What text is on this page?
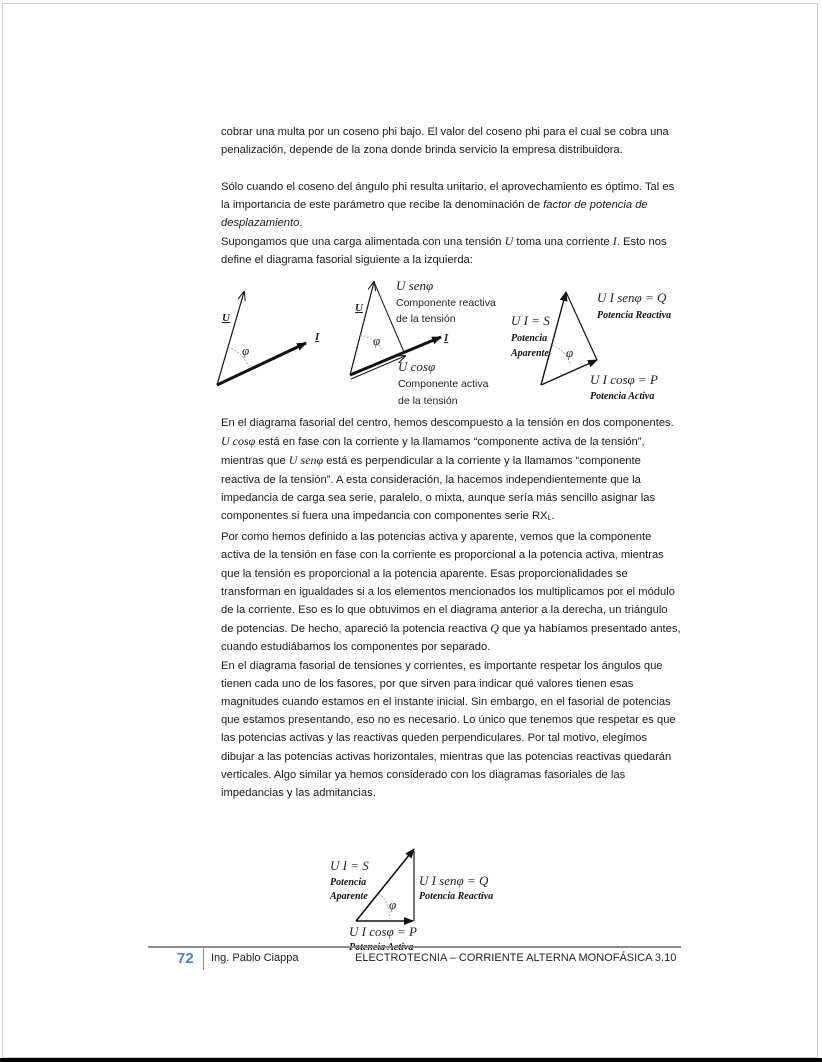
cobrar una multa por un coseno phi bajo. El valor del coseno phi para el cual se cobra una penalización, depende de la zona donde brinda servicio la empresa distribuidora.

Sólo cuando el coseno del ángulo phi resulta unitario, el aprovechamiento es óptimo. Tal es la importancia de este parámetro que recibe la denominación de factor de potencia de desplazamiento.

Supongamos que una carga alimentada con una tensión U toma una corriente I. Esto nos define el diagrama fasorial siguiente a la izquierda:

U
I
φ
U
I
φ
U senφ
Componente reactiva
de la tensión
U cosφ
Componente activa
de la tensión
U I = S
Potencia
Aparente φ
U I senφ = Q
Potencia Reactiva
U I cosφ = P
Potencia Activa
U I = S
Potencia
Aparente
φ
U I senφ = Q
Potencia Reactiva
U I cosφ = P

En el diagrama fasorial del centro, hemos descompuesto a la tensión en dos componentes. U cosφ está en fase con la corriente y la llamamos “componente activa de la tensión”, mientras que U senφ está es perpendicular a la corriente y la llamamos “componente reactiva de la tensión”. A esta consideración, la hacemos independientemente que la impedancia de carga sea serie, paralelo, o mixta, aunque sería más sencillo asignar las componentes si fuera una impedancia con componentes serie $RX_L$.

Por como hemos definido a las potencias activa y aparente, vemos que la componente activa de la tensión en fase con la corriente es proporcional a la potencia activa, mientras que la tensión es proporcional a la potencia aparente. Esas proporcionalidades se transforman en igualdades si a los elementos mencionados los multiplicamos por el módulo de la corriente. Eso es lo que obtuvimos en el diagrama anterior a la derecha, un triángulo de potencias. De hecho, apareció la potencia reactiva Q que ya habíamos presentado antes, cuando estudiábamos los componentes por separado.

En el diagrama fasorial de tensiones y corrientes, es importante respetar los ángulos que tienen cada uno de los fasores, por que sirven para indicar qué valores tienen esas magnitudes cuando estamos en el instante inicial. Sin embargo, en el fasorial de potencias que estamos presentando, eso no es necesario. Lo único que tenemos que respetar es que las potencias activas y las reactivas queden perpendiculares. Por tal motivo, elegimos dibujar a las potencias activas horizontales, mientras que las potencias reactivas quedarán verticales. Algo similar ya hemos considerado con los diagramas fasoriales de las impedancias y las admitancias.

72 Ing. Pablo Ciappa	ELECTROTECNIA – CORRIENTE ALTERNA MONOFÁSICA 3.10
